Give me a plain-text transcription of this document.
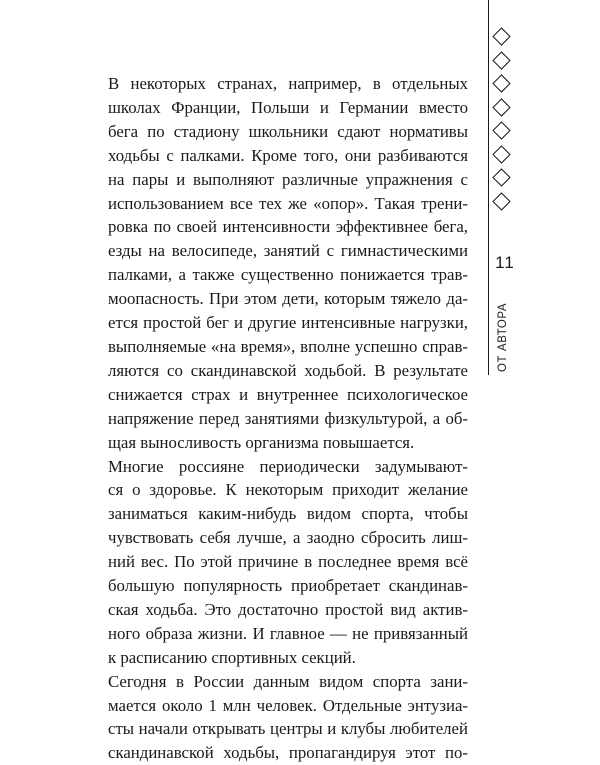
В некоторых странах, например, в отдельных
школах Франции, Польши и Германии вместо
бега по стадиону школьники сдают нормативы
ходьбы с палками. Кроме того, они разбиваются
на пары и выполняют различные упражнения с
использованием все тех же «опор». Такая трени-
ровка по своей интенсивности эффективнее бега,
езды на велосипеде, занятий с гимнастическими
палками, а также существенно понижается трав-
моопасность. При этом дети, которым тяжело да-
ется простой бег и другие интенсивные нагрузки,
выполняемые «на время», вполне успешно справ-
ляются со скандинавской ходьбой. В результате
снижается страх и внутреннее психологическое
напряжение перед занятиями физкультурой, а об-
щая выносливость организма повышается.

Многие россияне периодически задумывают-
ся о здоровье. К некоторым приходит желание
заниматься каким-нибудь видом спорта, чтобы
чувствовать себя лучше, а заодно сбросить лиш-
ний вес. По этой причине в последнее время всё
большую популярность приобретает скандинав-
ская ходьба. Это достаточно простой вид актив-
ного образа жизни. И главное — не привязанный
к расписанию спортивных секций.

Сегодня в России данным видом спорта зани-
мается около 1 млн человек. Отдельные энтузиа-
сты начали открывать центры и клубы любителей
скандинавской ходьбы, пропагандируя этот по-

11
ОТ АВТОРА
